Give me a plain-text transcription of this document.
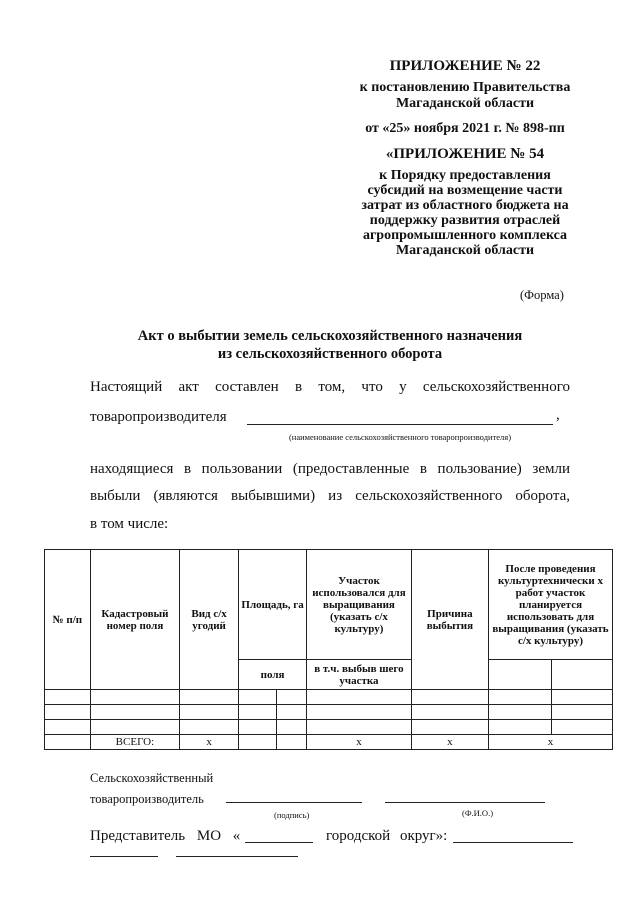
ПРИЛОЖЕНИЕ № 22
к постановлению Правительства
Магаданской области
от «25» ноября 2021 г. № 898-пп
«ПРИЛОЖЕНИЕ № 54
к Порядку предоставления
субсидий на возмещение части
затрат из областного бюджета на
поддержку развития отраслей
агропромышленного комплекса
Магаданской области
(Форма)
Акт о выбытии земель сельскохозяйственного назначения
из сельскохозяйственного оборота
Настоящий акт составлен в том, что у сельскохозяйственного
товаропроизводителя	,
(наименование сельскохозяйственного товаропроизводителя)
находящиеся в пользовании (предоставленные в пользование) земли
выбыли (являются выбывшими) из сельскохозяйственного оборота,
в том числе:
№ п/п	Кадастровый номер поля	Вид с/х угодий	Площадь, га		Участок использовался для выращивания (указать с/х культуру)	Причина выбытия	После проведения культуртехнически х работ участок планируется использовать для выращивания (указать с/х культуру)	
			поля		в т.ч. выбыв шего участка			

	ВСЕГО:	x			x	x	x	
Сельскохозяйственный
товаропроизводитель
(подпись)	(Ф.И.О.)
Представитель МО «	городской округ»:
